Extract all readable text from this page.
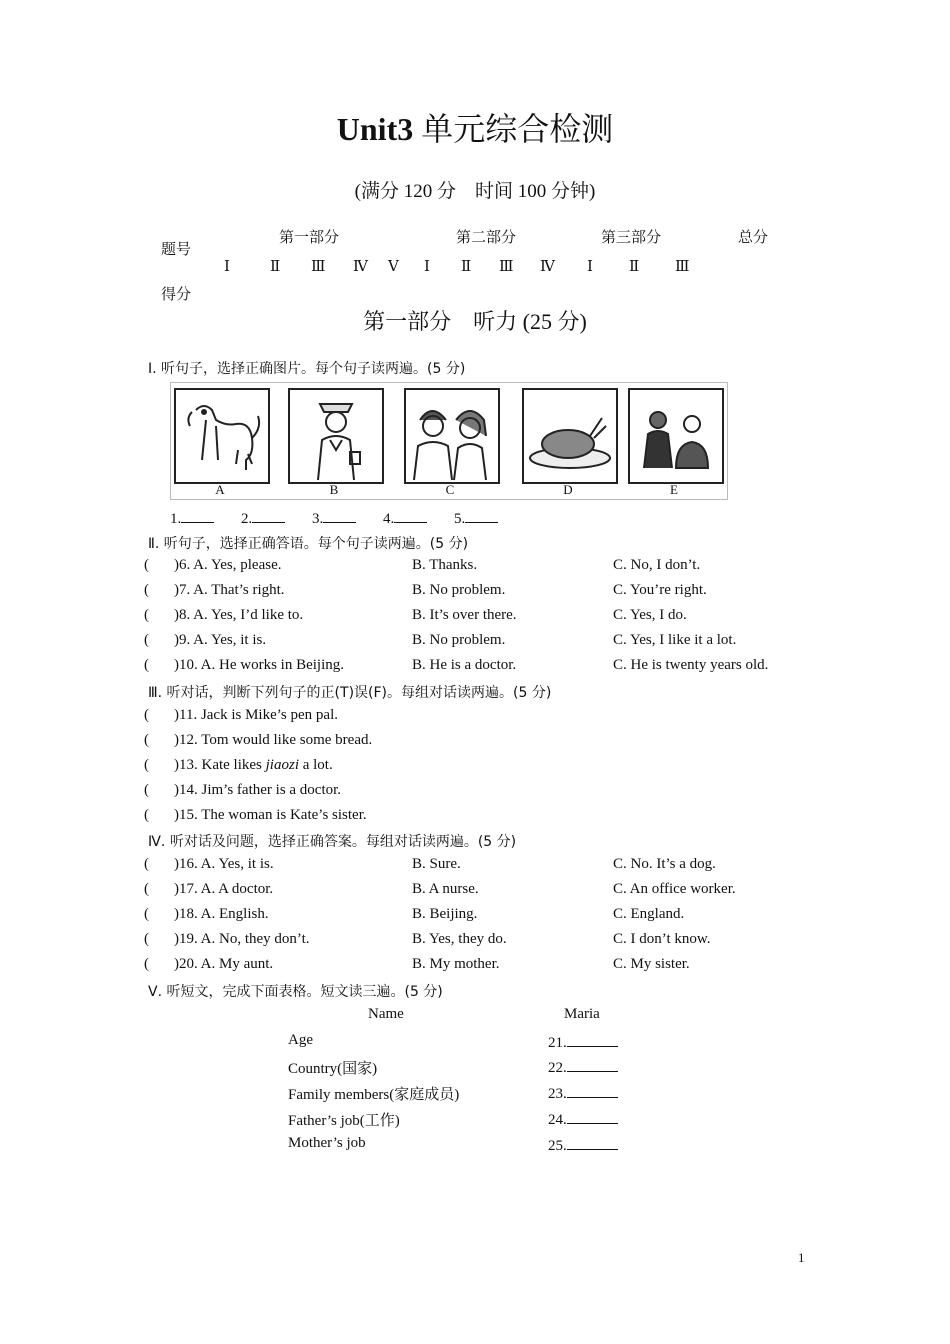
Unit3 单元综合检测
(满分 120 分　时间 100 分钟)
题号
第一部分	第二部分	第三部分	总分
Ⅰ	Ⅱ Ⅲ Ⅳ Ⅴ Ⅰ Ⅱ Ⅲ Ⅳ Ⅰ Ⅱ Ⅲ
得分
第一部分　听力 (25 分)
Ⅰ. 听句子，选择正确图片。每个句子读两遍。(5 分)
A	B	C	D	E
1.	2.	3.	4.	5.
Ⅱ. 听句子，选择正确答语。每个句子读两遍。(5 分)
( )6. A. Yes, please.	B. Thanks.	C. No, I don’t.
( )7. A. That’s right.	B. No problem.	C. You’re right.
( )8. A. Yes, I’d like to.	B. It’s over there.	C. Yes, I do.
( )9. A. Yes, it is.	B. No problem.	C. Yes, I like it a lot.
( )10. A. He works in Beijing.	B. He is a doctor.	C. He is twenty years old.
Ⅲ. 听对话，判断下列句子的正(T)误(F)。每组对话读两遍。(5 分)
( )11. Jack is Mike’s pen pal.
( )12. Tom would like some bread.
( )13. Kate likes jiaozi a lot.
( )14. Jim’s father is a doctor.
( )15. The woman is Kate’s sister.
Ⅳ. 听对话及问题，选择正确答案。每组对话读两遍。(5 分)
( )16. A. Yes, it is.	B. Sure.	C. No. It’s a dog.
( )17. A. A doctor.	B. A nurse.	C. An office worker.
( )18. A. English.	B. Beijing.	C. England.
( )19. A. No, they don’t.	B. Yes, they do.	C. I don’t know.
( )20. A. My aunt.	B. My mother.	C. My sister.
Ⅴ. 听短文，完成下面表格。短文读三遍。(5 分)
Name	Maria
Age	21.
Country(国家)	22.
Family members(家庭成员)	23.
Father’s job(工作)	24.
Mother’s job	25.
1
